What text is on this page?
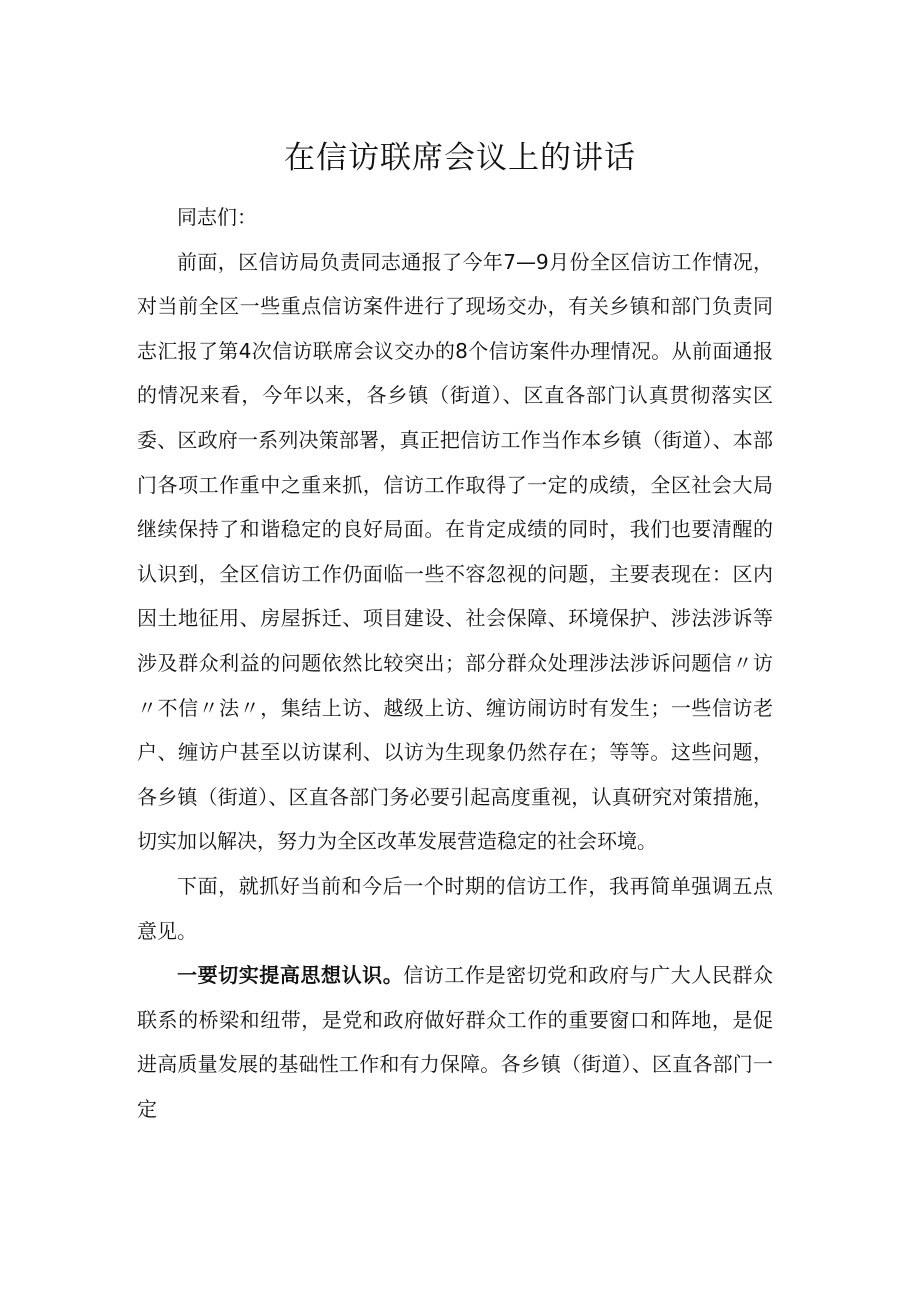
在信访联席会议上的讲话

同志们：

前面，区信访局负责同志通报了今年7—9月份全区信访工作情况，对当前全区一些重点信访案件进行了现场交办，有关乡镇和部门负责同志汇报了第4次信访联席会议交办的8个信访案件办理情况。从前面通报的情况来看，今年以来，各乡镇（街道）、区直各部门认真贯彻落实区委、区政府一系列决策部署，真正把信访工作当作本乡镇（街道）、本部门各项工作重中之重来抓，信访工作取得了一定的成绩，全区社会大局继续保持了和谐稳定的良好局面。在肯定成绩的同时，我们也要清醒的认识到，全区信访工作仍面临一些不容忽视的问题，主要表现在：区内因土地征用、房屋拆迁、项目建设、社会保障、环境保护、涉法涉诉等涉及群众利益的问题依然比较突出；部分群众处理涉法涉诉问题信〃访〃不信〃法〃，集结上访、越级上访、缠访闹访时有发生；一些信访老户、缠访户甚至以访谋利、以访为生现象仍然存在；等等。这些问题，各乡镇（街道）、区直各部门务必要引起高度重视，认真研究对策措施，切实加以解决，努力为全区改革发展营造稳定的社会环境。

下面，就抓好当前和今后一个时期的信访工作，我再简单强调五点意见。

一要切实提高思想认识。信访工作是密切党和政府与广大人民群众联系的桥梁和纽带，是党和政府做好群众工作的重要窗口和阵地，是促进高质量发展的基础性工作和有力保障。各乡镇（街道）、区直各部门一定
